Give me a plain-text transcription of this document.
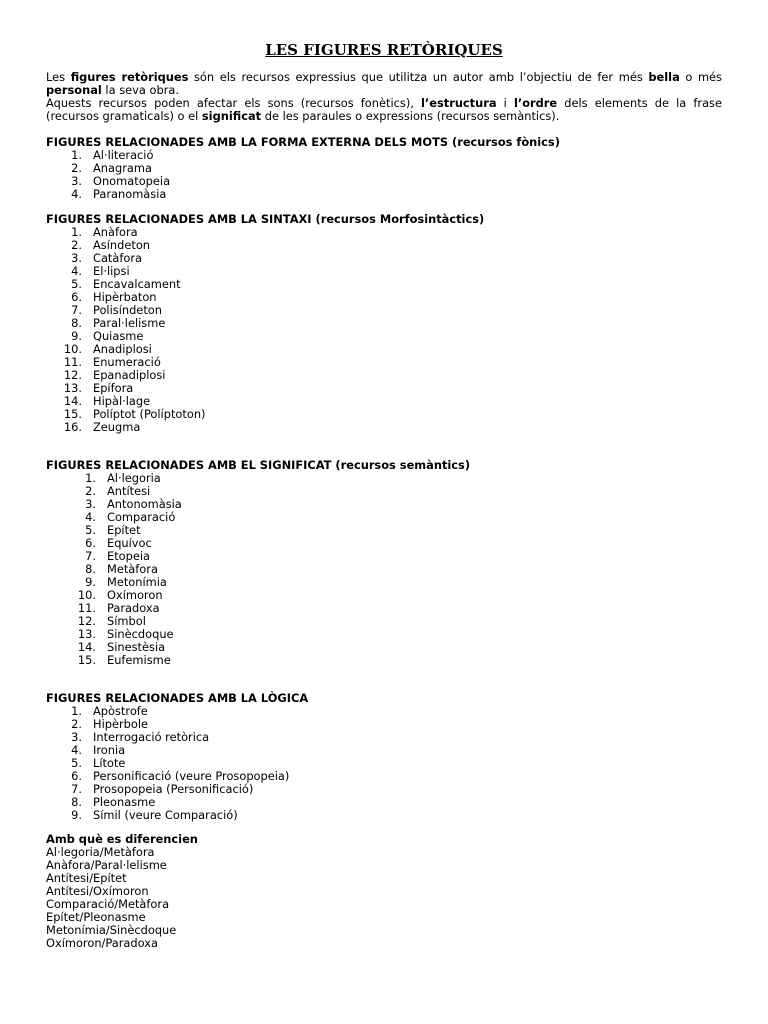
LES FIGURES RETÒRIQUES

Les figures retòriques són els recursos expressius que utilitza un autor amb l’objectiu de fer més bella o més personal la seva obra.

Aquests recursos poden afectar els sons (recursos fonètics), l’estructura i l’ordre dels elements de la frase (recursos gramaticals) o el significat de les paraules o expressions (recursos semàntics).

FIGURES RELACIONADES AMB LA FORMA EXTERNA DELS MOTS (recursos fònics)
1. Al·literació
2. Anagrama
3. Onomatopeia
4. Paranomàsia
FIGURES RELACIONADES AMB LA SINTAXI (recursos Morfosintàctics)
1. Anàfora
2. Asíndeton
3. Catàfora
4. El·lipsi
5. Encavalcament
6. Hipèrbaton
7. Polisíndeton
8. Paral·lelisme
9. Quiasme
10. Anadiplosi
11. Enumeració
12. Epanadiplosi
13. Epífora
14. Hipàl·lage
15. Políptot (Políptoton)
16. Zeugma
FIGURES RELACIONADES AMB EL SIGNIFICAT (recursos semàntics)
1. Al·legoria
2. Antítesi
3. Antonomàsia
4. Comparació
5. Epítet
6. Equívoc
7. Etopeia
8. Metàfora
9. Metonímia
10. Oxímoron
11. Paradoxa
12. Símbol
13. Sinècdoque
14. Sinestèsia
15. Eufemisme
FIGURES RELACIONADES AMB LA LÒGICA
1. Apòstrofe
2. Hipèrbole
3. Interrogació retòrica
4. Ironia
5. Lítote
6. Personificació (veure Prosopopeia)
7. Prosopopeia (Personificació)
8. Pleonasme
9. Símil (veure Comparació)
Amb què es diferencien
Al·legoria/Metàfora
Anàfora/Paral·lelisme
Antítesi/Epítet
Antítesi/Oxímoron
Comparació/Metàfora
Epítet/Pleonasme
Metonímia/Sinècdoque
Oxímoron/Paradoxa
